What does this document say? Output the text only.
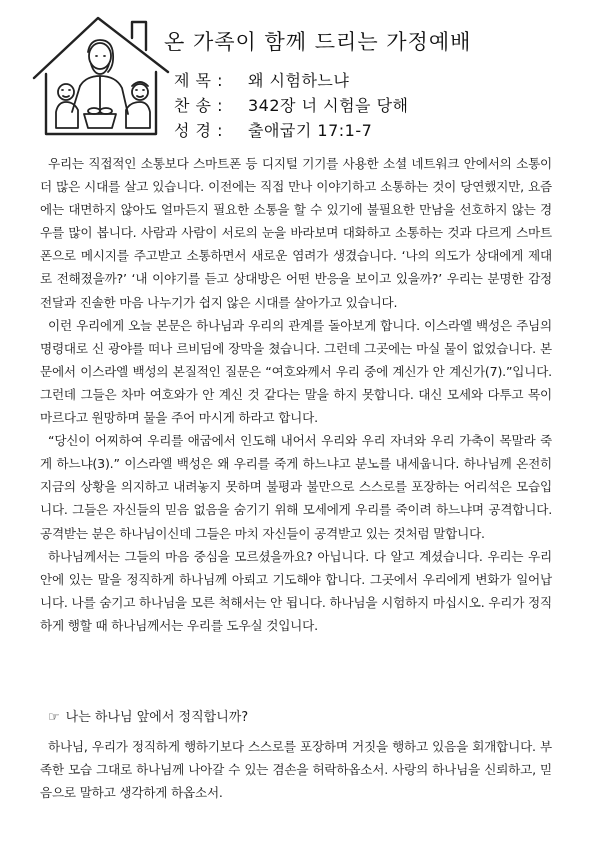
온 가족이 함께 드리는 가정예배
제 목 : 왜 시험하느냐
찬 송 : 342장 너 시험을 당해
성 경 : 출애굽기 17:1-7

우리는 직접적인 소통보다 스마트폰 등 디지털 기기를 사용한 소셜 네트워크 안에서의 소통이 더 많은 시대를 살고 있습니다. 이전에는 직접 만나 이야기하고 소통하는 것이 당연했지만, 요즘에는 대면하지 않아도 얼마든지 필요한 소통을 할 수 있기에 불필요한 만남을 선호하지 않는 경우를 많이 봅니다. 사람과 사람이 서로의 눈을 바라보며 대화하고 소통하는 것과 다르게 스마트폰으로 메시지를 주고받고 소통하면서 새로운 염려가 생겼습니다. ‘나의 의도가 상대에게 제대로 전해졌을까?’ ‘내 이야기를 듣고 상대방은 어떤 반응을 보이고 있을까?’ 우리는 분명한 감정전달과 진솔한 마음 나누기가 쉽지 않은 시대를 살아가고 있습니다.

이런 우리에게 오늘 본문은 하나님과 우리의 관계를 돌아보게 합니다. 이스라엘 백성은 주님의 명령대로 신 광야를 떠나 르비딤에 장막을 쳤습니다. 그런데 그곳에는 마실 물이 없었습니다. 본문에서 이스라엘 백성의 본질적인 질문은 “여호와께서 우리 중에 계신가 안 계신가(7).”입니다. 그런데 그들은 차마 여호와가 안 계신 것 같다는 말을 하지 못합니다. 대신 모세와 다투고 목이 마르다고 원망하며 물을 주어 마시게 하라고 합니다.

“당신이 어찌하여 우리를 애굽에서 인도해 내어서 우리와 우리 자녀와 우리 가축이 목말라 죽게 하느냐(3).” 이스라엘 백성은 왜 우리를 죽게 하느냐고 분노를 내세웁니다. 하나님께 온전히 지금의 상황을 의지하고 내려놓지 못하며 불평과 불만으로 스스로를 포장하는 어리석은 모습입니다. 그들은 자신들의 믿음 없음을 숨기기 위해 모세에게 우리를 죽이려 하느냐며 공격합니다. 공격받는 분은 하나님이신데 그들은 마치 자신들이 공격받고 있는 것처럼 말합니다.

하나님께서는 그들의 마음 중심을 모르셨을까요? 아닙니다. 다 알고 계셨습니다. 우리는 우리 안에 있는 말을 정직하게 하나님께 아뢰고 기도해야 합니다. 그곳에서 우리에게 변화가 일어납니다. 나를 숨기고 하나님을 모른 척해서는 안 됩니다. 하나님을 시험하지 마십시오. 우리가 정직하게 행할 때 하나님께서는 우리를 도우실 것입니다.

☞ 나는 하나님 앞에서 정직합니까?
하나님, 우리가 정직하게 행하기보다 스스로를 포장하며 거짓을 행하고 있음을 회개합니다. 부족한 모습 그대로 하나님께 나아갈 수 있는 겸손을 허락하옵소서. 사랑의 하나님을 신뢰하고, 믿음으로 말하고 생각하게 하옵소서.
